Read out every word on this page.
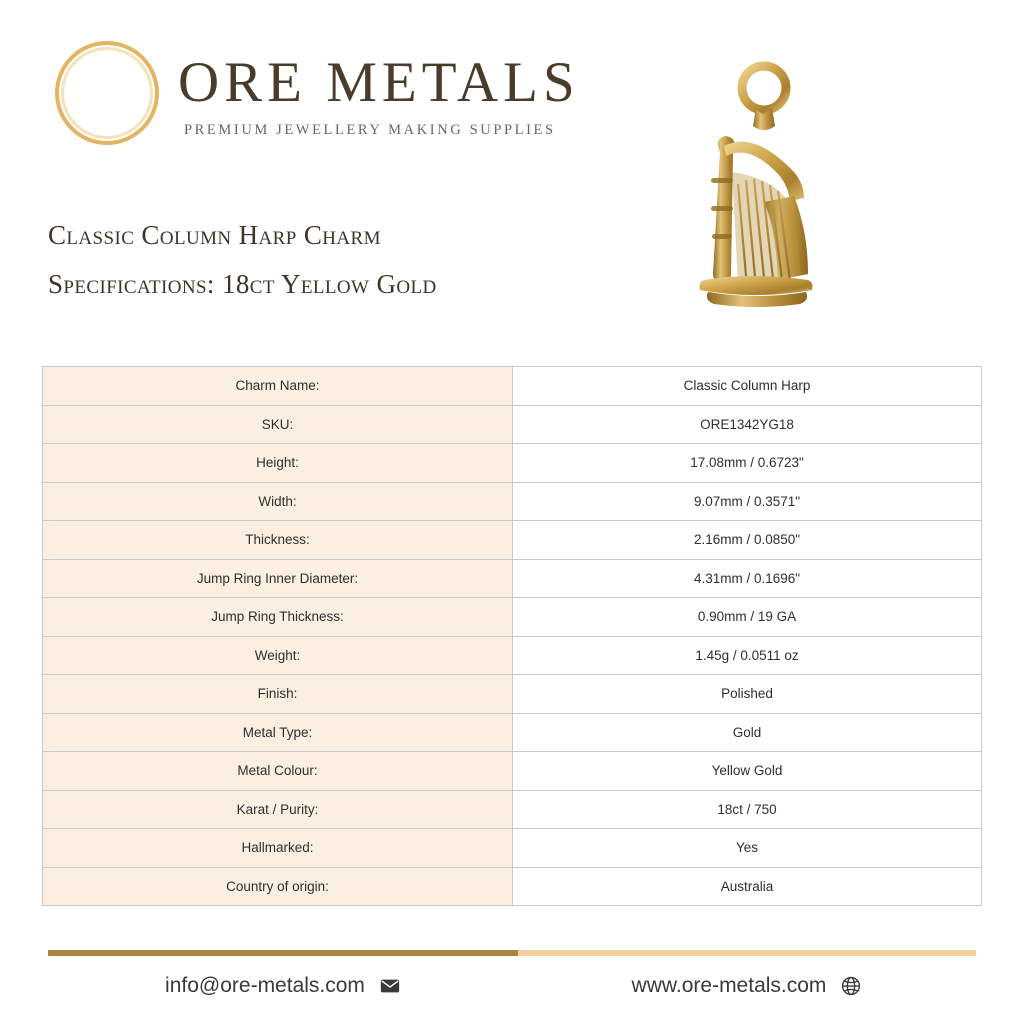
ORE METALS
PREMIUM JEWELLERY MAKING SUPPLIES
Classic Column Harp Charm
Specifications: 18ct Yellow Gold
Charm Name:	Classic Column Harp
SKU:	ORE1342YG18
Height:	17.08mm / 0.6723"
Width:	9.07mm / 0.3571"
Thickness:	2.16mm / 0.0850"
Jump Ring Inner Diameter:	4.31mm / 0.1696"
Jump Ring Thickness:	0.90mm / 19 GA
Weight:	1.45g / 0.0511 oz
Finish:	Polished
Metal Type:	Gold
Metal Colour:	Yellow Gold
Karat / Purity:	18ct / 750
Hallmarked:	Yes
Country of origin:	Australia
info@ore-metals.com	www.ore-metals.com
